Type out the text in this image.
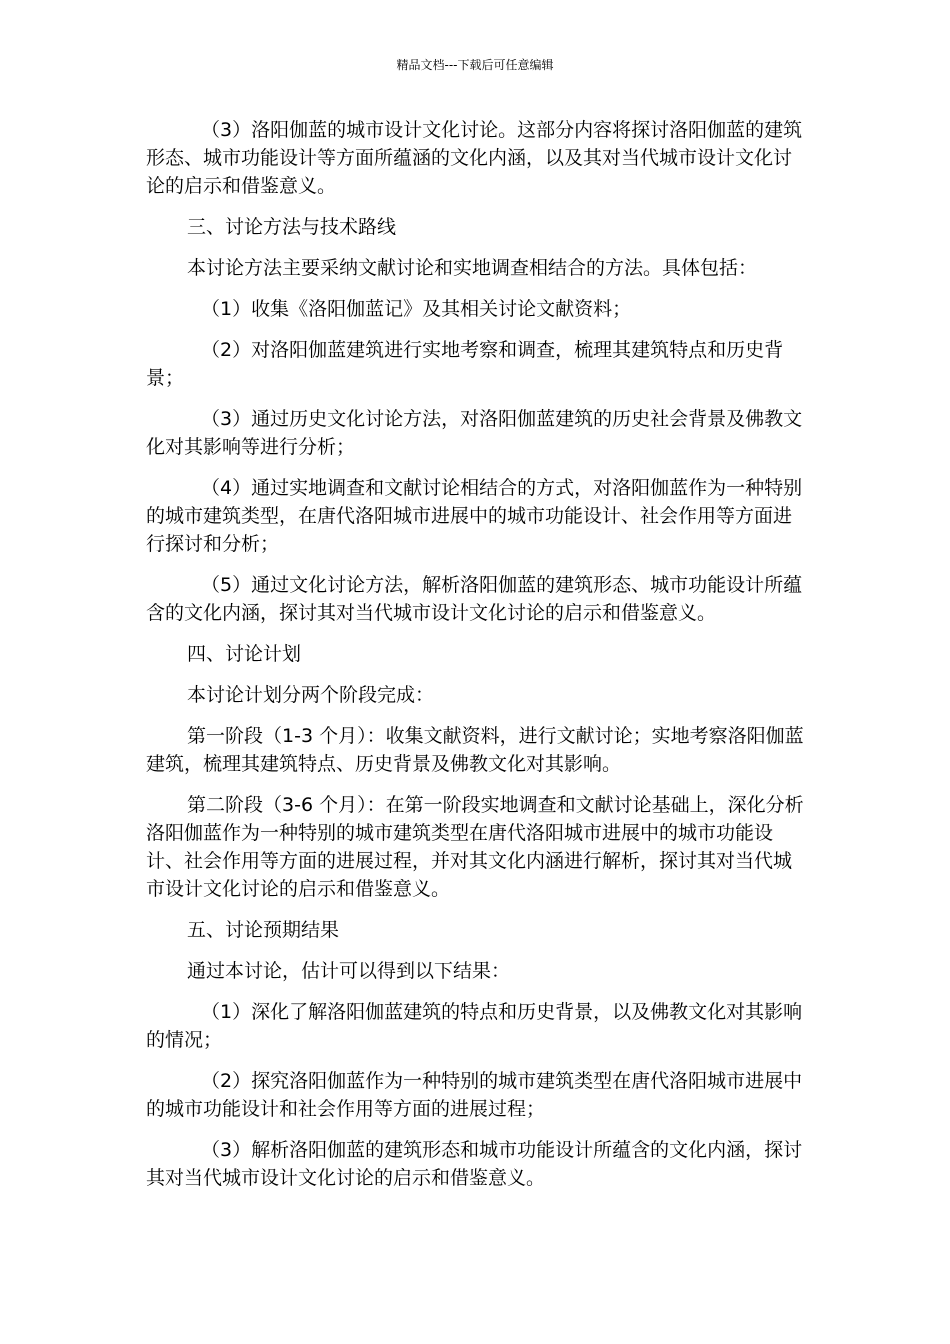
精品文档---下载后可任意编辑

（3）洛阳伽蓝的城市设计文化讨论。这部分内容将探讨洛阳伽蓝的建筑形态、城市功能设计等方面所蕴涵的文化内涵，以及其对当代城市设计文化讨论的启示和借鉴意义。

三、讨论方法与技术路线

本讨论方法主要采纳文献讨论和实地调查相结合的方法。具体包括：

（1）收集《洛阳伽蓝记》及其相关讨论文献资料；

（2）对洛阳伽蓝建筑进行实地考察和调查，梳理其建筑特点和历史背景；

（3）通过历史文化讨论方法，对洛阳伽蓝建筑的历史社会背景及佛教文化对其影响等进行分析；

（4）通过实地调查和文献讨论相结合的方式，对洛阳伽蓝作为一种特别的城市建筑类型，在唐代洛阳城市进展中的城市功能设计、社会作用等方面进行探讨和分析；

（5）通过文化讨论方法，解析洛阳伽蓝的建筑形态、城市功能设计所蕴含的文化内涵，探讨其对当代城市设计文化讨论的启示和借鉴意义。

四、讨论计划

本讨论计划分两个阶段完成：

第一阶段（1-3 个月）：收集文献资料，进行文献讨论；实地考察洛阳伽蓝建筑，梳理其建筑特点、历史背景及佛教文化对其影响。

第二阶段（3-6 个月）：在第一阶段实地调查和文献讨论基础上，深化分析洛阳伽蓝作为一种特别的城市建筑类型在唐代洛阳城市进展中的城市功能设计、社会作用等方面的进展过程，并对其文化内涵进行解析，探讨其对当代城市设计文化讨论的启示和借鉴意义。

五、讨论预期结果

通过本讨论，估计可以得到以下结果：

（1）深化了解洛阳伽蓝建筑的特点和历史背景，以及佛教文化对其影响的情况；

（2）探究洛阳伽蓝作为一种特别的城市建筑类型在唐代洛阳城市进展中的城市功能设计和社会作用等方面的进展过程；

（3）解析洛阳伽蓝的建筑形态和城市功能设计所蕴含的文化内涵，探讨其对当代城市设计文化讨论的启示和借鉴意义。
